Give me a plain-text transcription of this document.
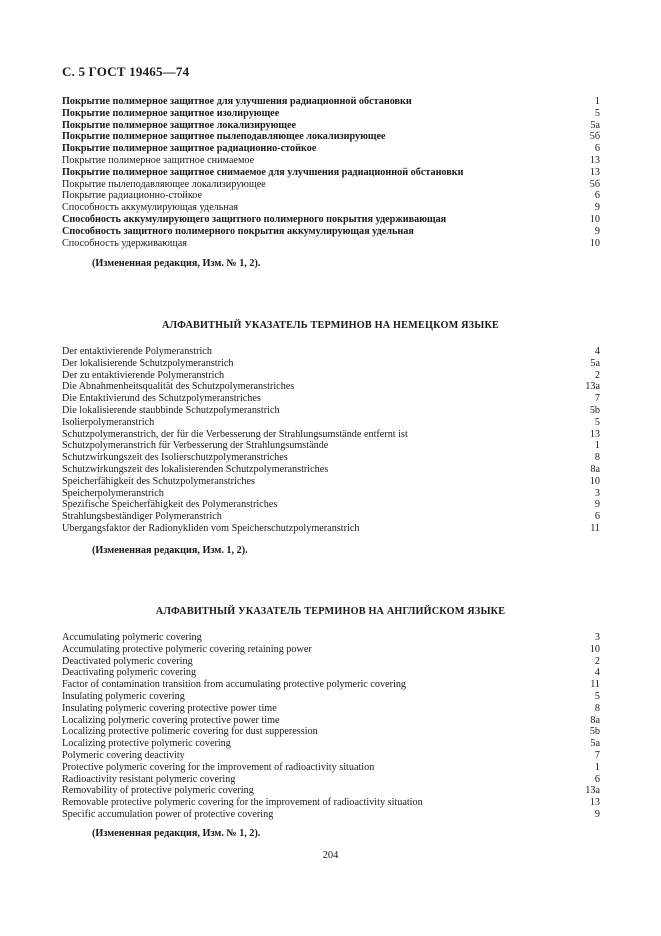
С. 5 ГОСТ 19465—74
Покрытие полимерное защитное для улучшения радиационной обстановки	1
Покрытие полимерное защитное изолирующее	5
Покрытие полимерное защитное локализирующее	5а
Покрытие полимерное защитное пылеподавляющее локализирующее	5б
Покрытие полимерное защитное радиационно-стойкое	6
Покрытие полимерное защитное снимаемое	13
Покрытие полимерное защитное снимаемое для улучшения радиационной обстановки	13
Покрытие пылеподавляющее локализирующее	5б
Покрытие радиационно-стойкое	6
Способность аккумулирующая удельная	9
Способность аккумулирующего защитного полимерного покрытия удерживающая	10
Способность защитного полимерного покрытия аккумулирующая удельная	9
Способность удерживающая	10
(Измененная редакция, Изм. № 1, 2).
АЛФАВИТНЫЙ УКАЗАТЕЛЬ ТЕРМИНОВ НА НЕМЕЦКОМ ЯЗЫКЕ
Der entaktivierende Polymeranstrich	4
Der lokalisierende Schutzpolymeranstrich	5a
Der zu entaktivierende Polymeranstrich	2
Die Abnahmenheitsqualität des Schutzpolymeranstriches	13a
Die Entaktivierund des Schutzpolymeranstriches	7
Die lokalisierende staubbinde Schutzpolymeranstrich	5b
Isolierpolymeranstrich	5
Schutzpolymeranstrich, der für die Verbesserung der Strahlungsumstände entfernt ist	13
Schutzpolymeranstrich für Verbesserung der Strahlungsumstände	1
Schutzwirkungszeit des Isolierschutzpolymeranstriches	8
Schutzwirkungszeit des lokalisierenden Schutzpolymeranstriches	8a
Speicherfähigkeit des Schutzpolymeranstriches	10
Speicherpolymeranstrich	3
Spezifische Speicherfähigkeit des Polymeranstriches	9
Strahlungsbeständiger Polymeranstrich	6
Ubergangsfaktor der Radionykliden vom Speicherschutzpolymeranstrich	11
(Измененная редакция, Изм. 1, 2).
АЛФАВИТНЫЙ УКАЗАТЕЛЬ ТЕРМИНОВ НА АНГЛИЙСКОМ ЯЗЫКЕ
Accumulating polymeric covering	3
Accumulating protective polymeric covering retaining power	10
Deactivated polymeric covering	2
Deactivating polymeric covering	4
Factor of contamination transition from accumulating protective polymeric covering	11
Insulating polymeric covering	5
Insulating polymeric covering protective power time	8
Localizing polymeric covering protective power time	8a
Localizing protective polimeric covering for dust supperession	5b
Localizing protective polymeric covering	5a
Polymeric covering deactivity	7
Protective polymeric covering for the improvement of radioactivity situation	1
Radioactivity resistant polymeric covering	6
Removability of protective polymeric covering	13a
Removable protective polymeric covering for the improvement of radioactivity situation	13
Specific accumulation power of protective covering	9
(Измененная редакция, Изм. № 1, 2).
204
